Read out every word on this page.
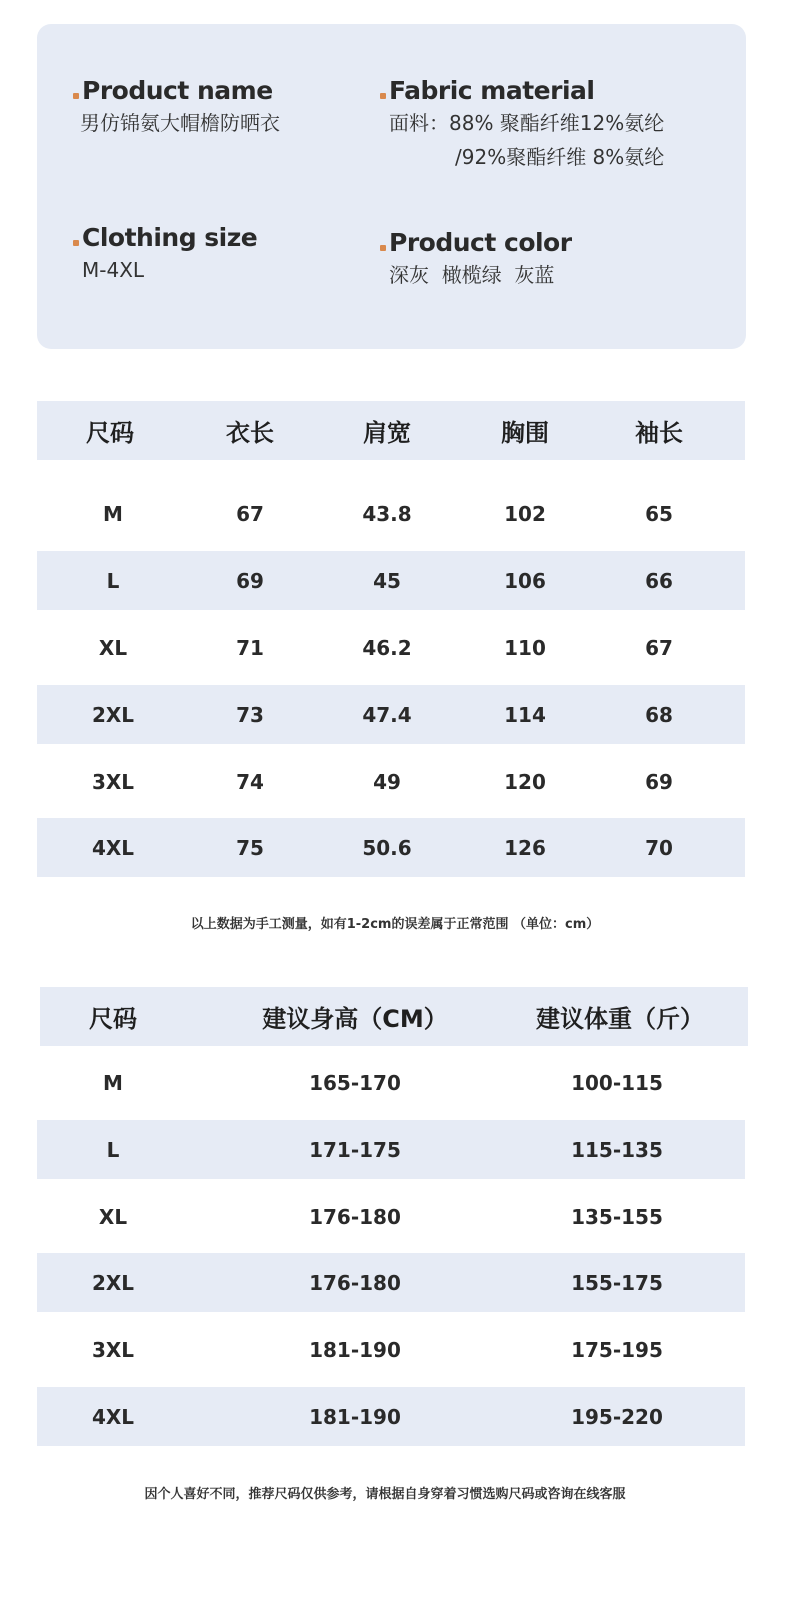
Product name
男仿锦氨大帽檐防晒衣
Fabric material
面料：88% 聚酯纤维12%氨纶
/92%聚酯纤维 8%氨纶
Clothing size
M-4XL
Product color
深灰  橄榄绿  灰蓝
尺码	衣长	肩宽	胸围	袖长
M	67	43.8	102	65
L	69	45	106	66
XL	71	46.2	110	67
2XL	73	47.4	114	68
3XL	74	49	120	69
4XL	75	50.6	126	70
以上数据为手工测量，如有1-2cm的误差属于正常范围 （单位：cm）
尺码	建议身高（CM）	建议体重（斤）
M	165-170	100-115
L	171-175	115-135
XL	176-180	135-155
2XL	176-180	155-175
3XL	181-190	175-195
4XL	181-190	195-220
因个人喜好不同，推荐尺码仅供参考，请根据自身穿着习惯选购尺码或咨询在线客服
